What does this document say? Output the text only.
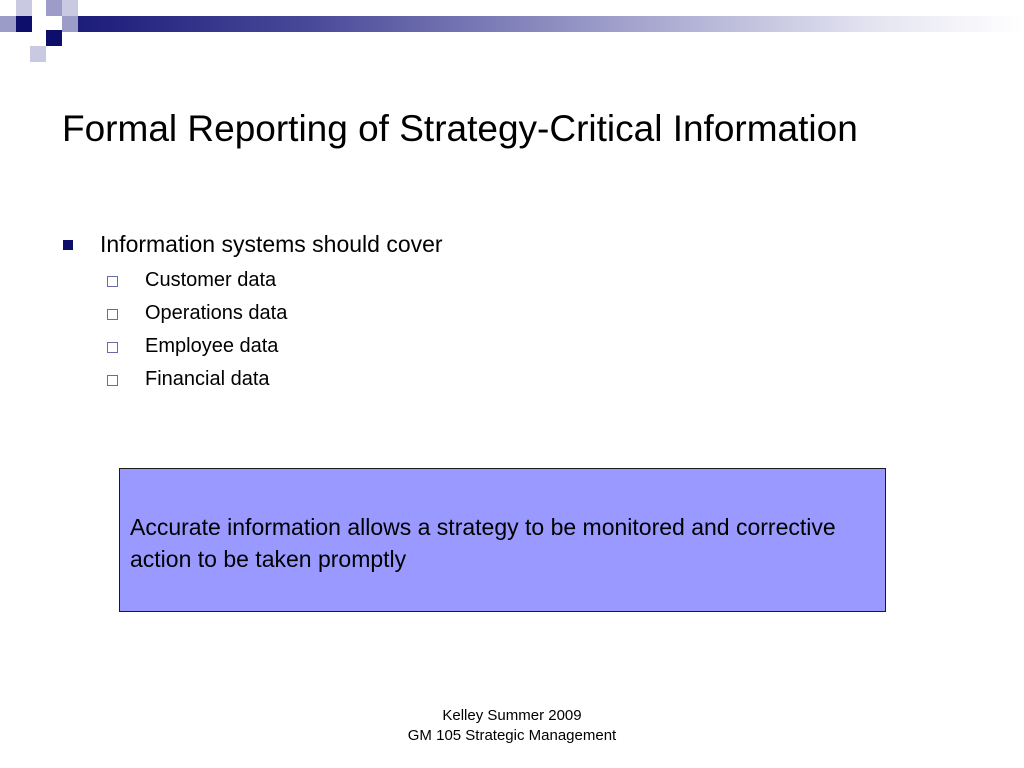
Formal Reporting of Strategy-Critical Information
Information systems should cover
Customer data
Operations data
Employee data
Financial data

Accurate information allows a strategy to be monitored and corrective action to be taken promptly

Kelley Summer 2009
GM 105 Strategic Management
